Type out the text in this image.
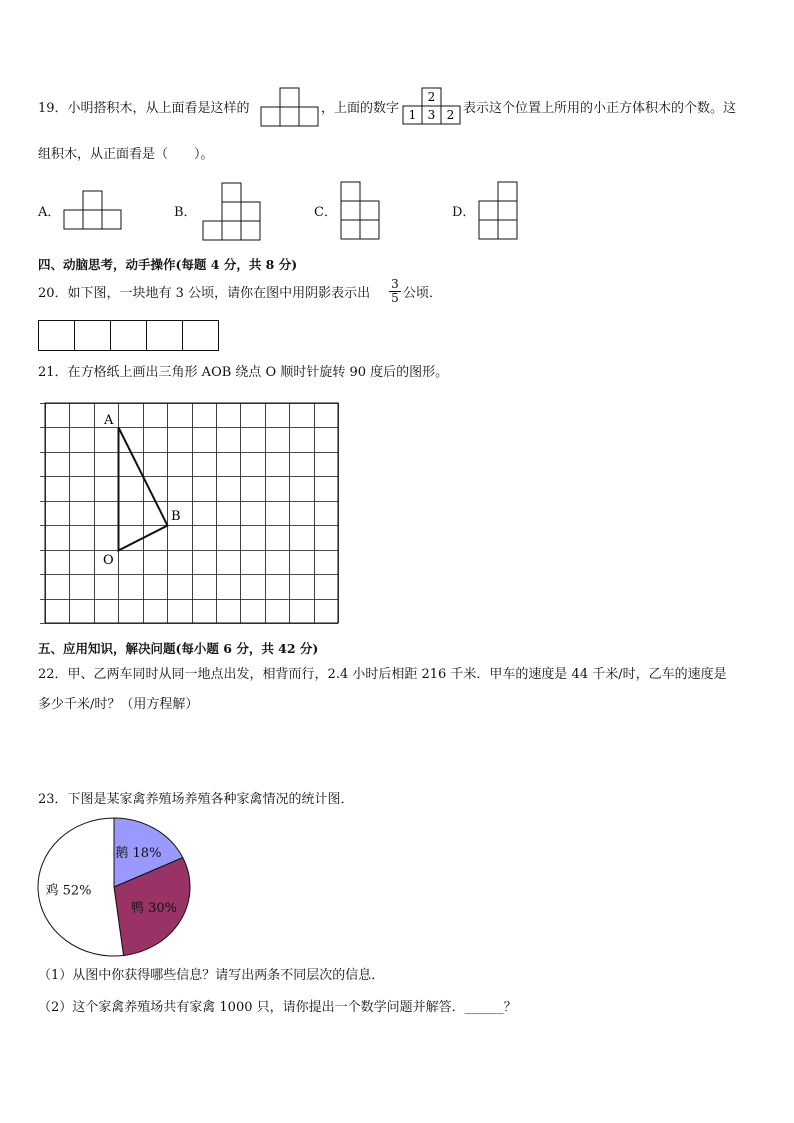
19．小明搭积木，从上面看是这样的	，上面的数字
2
1 3 2 表示这个位置上所用的小正方体积木的个数。这
组积木，从正面看是（　　）。
A．	B．	C．	D．
四、动脑思考，动手操作(每题 4 分，共 8 分)
20．如下图，一块地有 3 公顷，请你在图中用阴影表示出 $\frac{3}{5}$ 公顷．
21．在方格纸上画出三角形 AOB 绕点 O 顺时针旋转 90 度后的图形。
A
B
O
五、应用知识，解决问题(每小题 6 分，共 42 分)
22．甲、乙两车同时从同一地点出发，相背而行，2.4 小时后相距 216 千米．甲车的速度是 44 千米/时，乙车的速度是
多少千米/时？（用方程解）
23．下图是某家禽养殖场养殖各种家禽情况的统计图．
鹅 18%
鸭 30%
鸡 52%
（1）从图中你获得哪些信息？请写出两条不同层次的信息．
（2）这个家禽养殖场共有家禽 1000 只，请你提出一个数学问题并解答．______？
